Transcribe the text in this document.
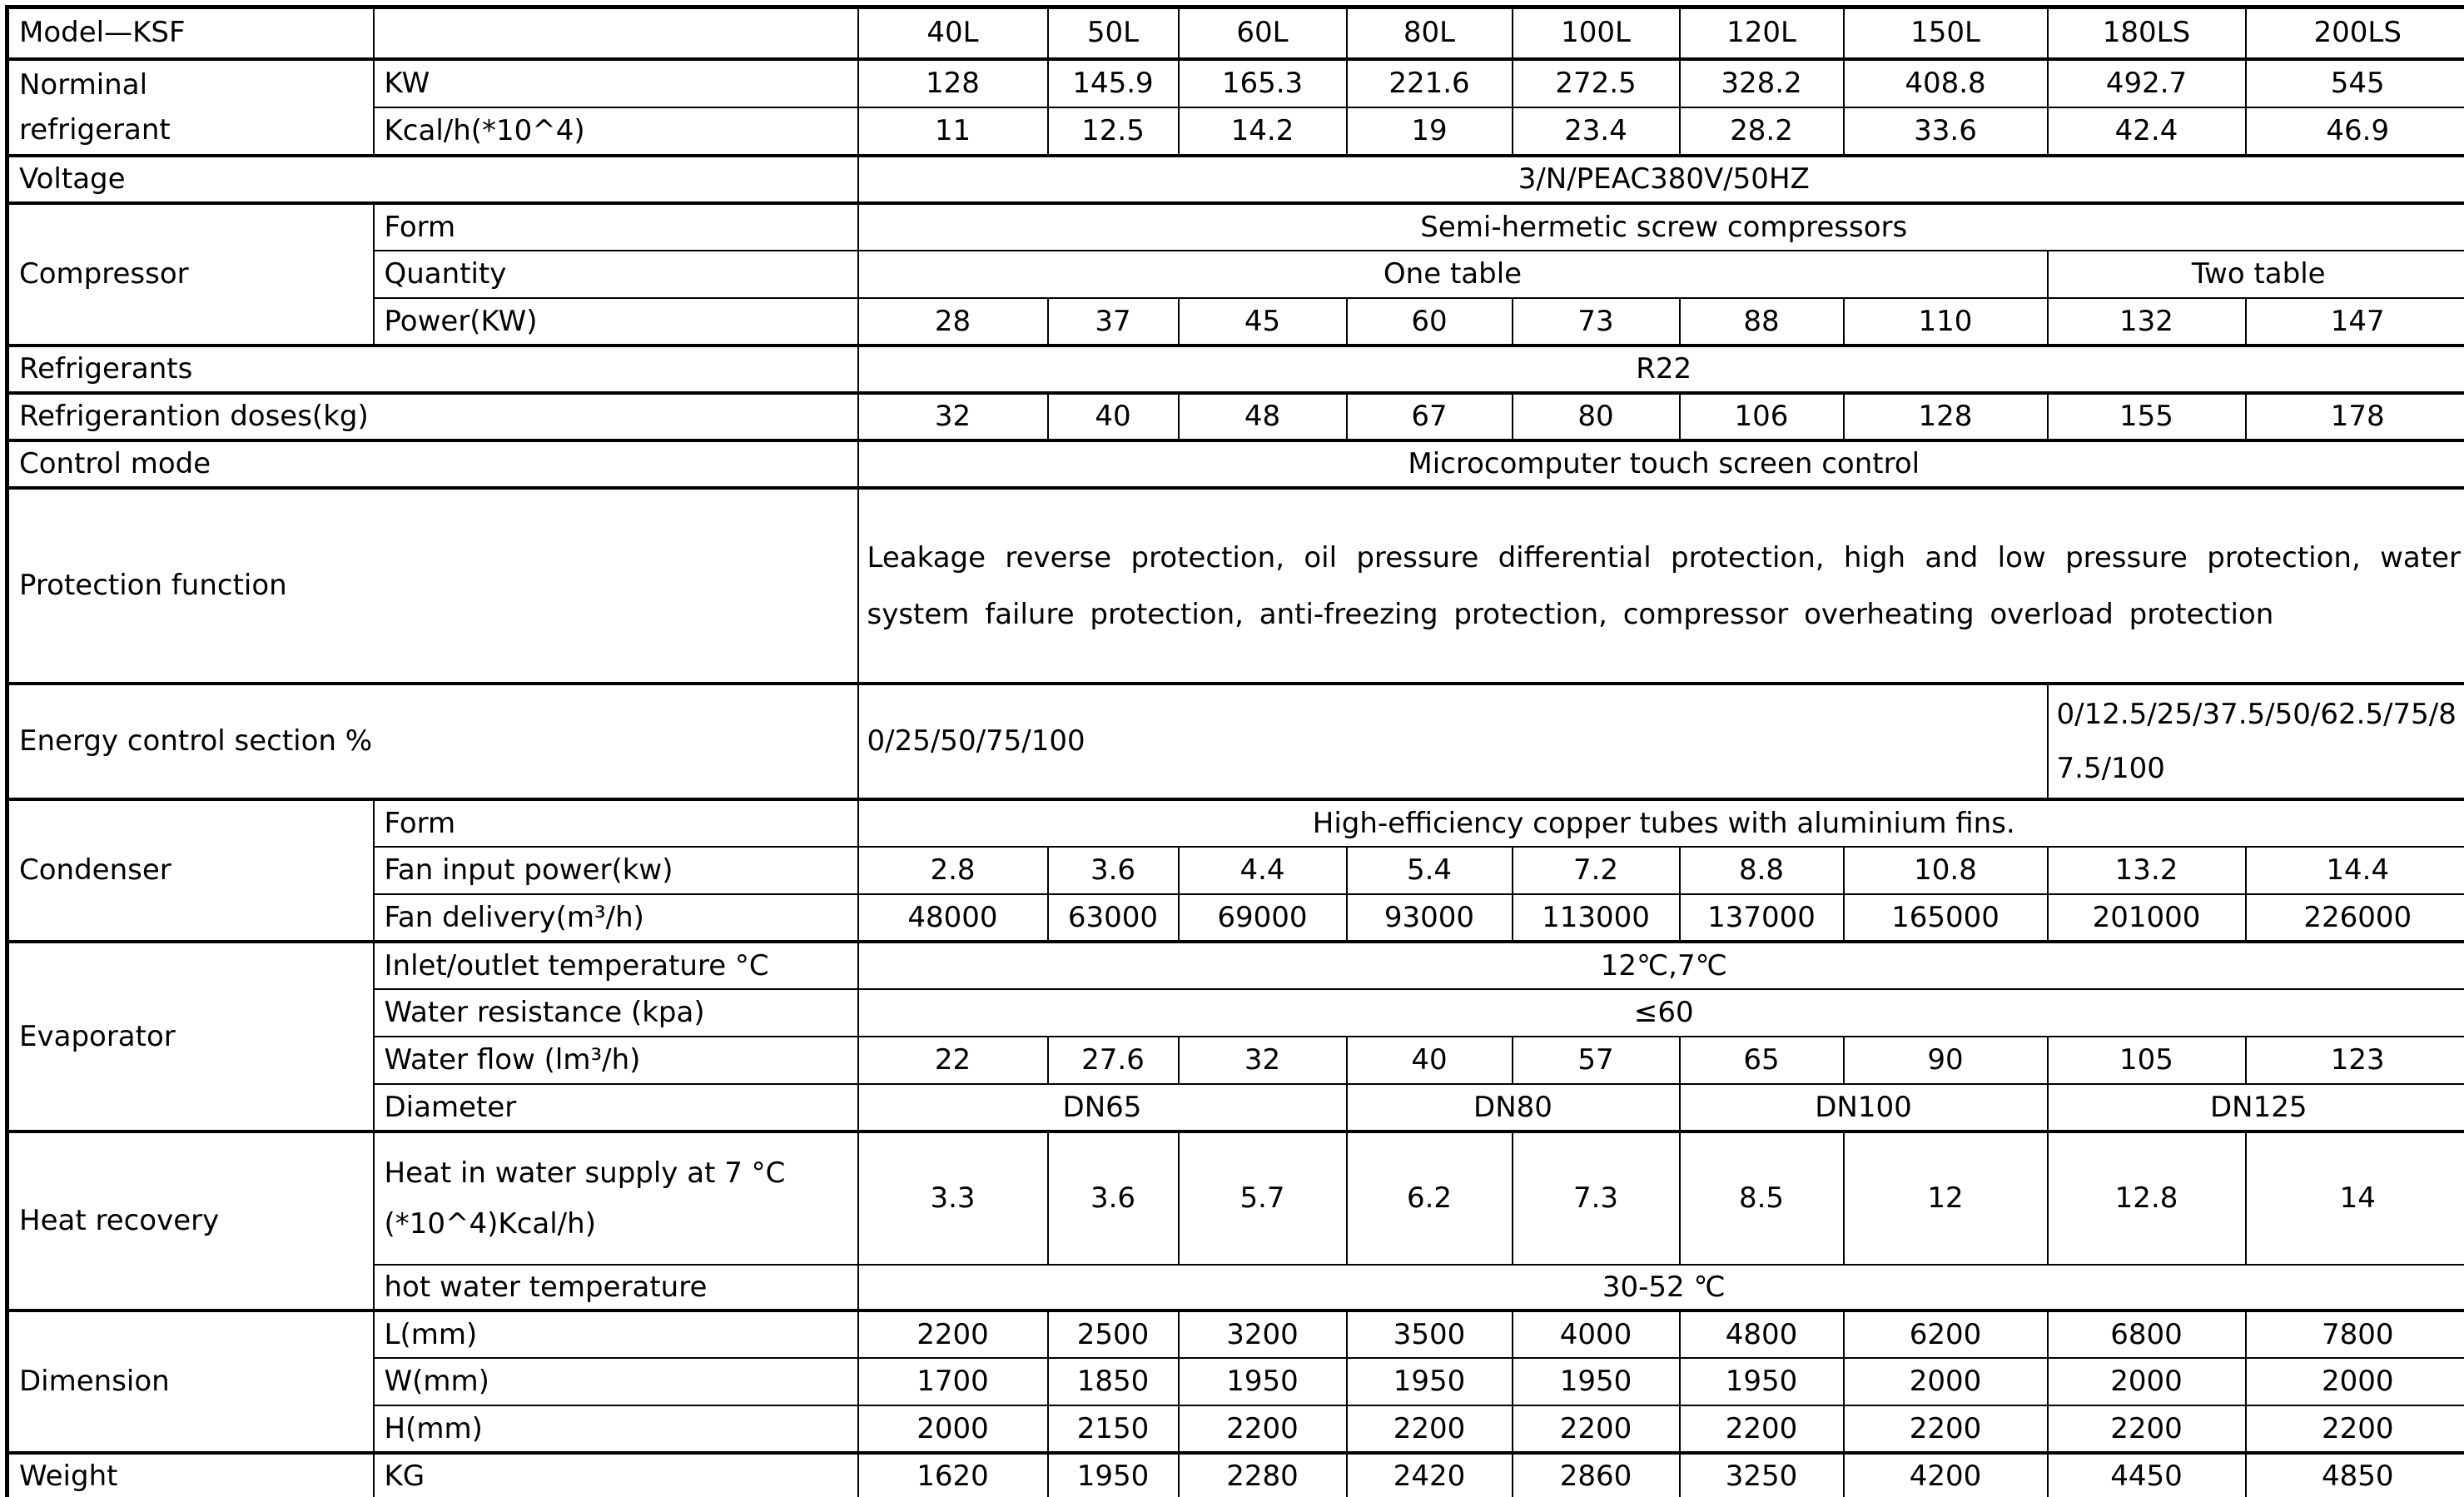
Model—KSF		40L	50L	60L	80L	100L	120L	150L	180LS	200LS
Norminal refrigerant	KW	128	145.9	165.3	221.6	272.5	328.2	408.8	492.7	545
	Kcal/h(*10^4)	11	12.5	14.2	19	23.4	28.2	33.6	42.4	46.9
Voltage		3/N/PEAC380V/50HZ								
Compressor	Form	Semi-hermetic screw compressors								
	Quantity	One table							Two table	
	Power(KW)	28	37	45	60	73	88	110	132	147
Refrigerants		R22								
Refrigerantion doses(kg)		32	40	48	67	80	106	128	155	178
Control mode		Microcomputer touch screen control								
Protection function		Leakage reverse protection, oil pressure differential protection, high and low pressure protection, water system failure protection, anti-freezing protection, compressor overheating overload protection								
Energy control section %		0/25/50/75/100							0/12.5/25/37.5/50/62.5/75/87.5/100	
Condenser	Form	High-efficiency copper tubes with aluminium fins.								
	Fan input power(kw)	2.8	3.6	4.4	5.4	7.2	8.8	10.8	13.2	14.4
	Fan delivery(m³/h)	48000	63000	69000	93000	113000	137000	165000	201000	226000
Evaporator	Inlet/outlet temperature °C	12℃,7℃								
	Water resistance (kpa)	≤60								
	Water flow (lm³/h)	22	27.6	32	40	57	65	90	105	123
	Diameter	DN65			DN80		DN100		DN125	
Heat recovery	Heat in water supply at 7 °C (*10^4)Kcal/h)	3.3	3.6	5.7	6.2	7.3	8.5	12	12.8	14
	hot water temperature	30-52 ℃								
Dimension	L(mm)	2200	2500	3200	3500	4000	4800	6200	6800	7800
	W(mm)	1700	1850	1950	1950	1950	1950	2000	2000	2000
	H(mm)	2000	2150	2200	2200	2200	2200	2200	2200	2200
Weight	KG	1620	1950	2280	2420	2860	3250	4200	4450	4850
